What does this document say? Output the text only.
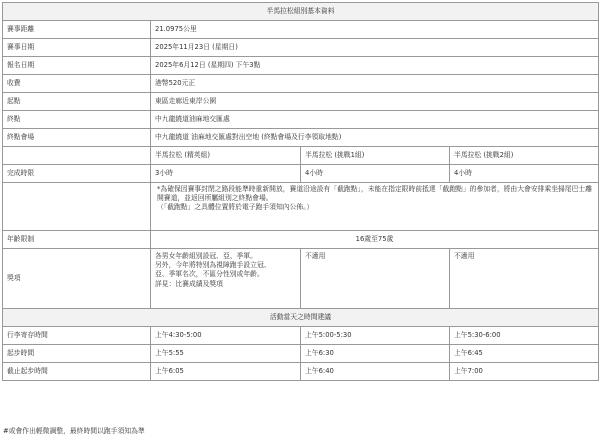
半馬拉松組別基本資料			
賽事距離	21.0975公里		
賽事日期	2025年11月23日 (星期日)		
報名日期	2025年6月12日 (星期四) 下午3點		
收費	港幣520元正		
起點	東區走廊近東岸公園		
終點	中九龍繞道油麻地交匯處		
終點會場	中九龍繞道 油麻地交匯處對出空地 (終點會場及行李領取地點)		
	半馬拉松 (精英組)	半馬拉松 (挑戰1組)	半馬拉松 (挑戰2組)
完成時限	3小時	4小時	4小時

	*為確保因賽事封閉之路段能準時重新開放，賽道沿途設有「截跑點」，未能在指定限時前抵達「截跑點」的參加者，將由大會安排乘坐掃尾巴士離開賽道，並返回所屬組別之終點會場。
（「截跑點」之具體位置將於電子跑手須知內公佈。）		

年齡限制	16歲至75歲		
獎項	各男女年齡組別設冠、亞、季軍。
另外，今年將特別為視障跑手設立冠、
亞、季軍名次，不區分性別或年齡。
詳見：比賽成績及獎項	不適用	不適用
活動當天之時間建議			
行李寄存時間	上午4:30-5:00	上午5:00-5:30	上午5:30-6:00
起步時間	上午5:55	上午6:30	上午6:45
截止起步時間	上午6:05	上午6:40	上午7:00
#或會作出輕微調整，最終時間以跑手須知為準
